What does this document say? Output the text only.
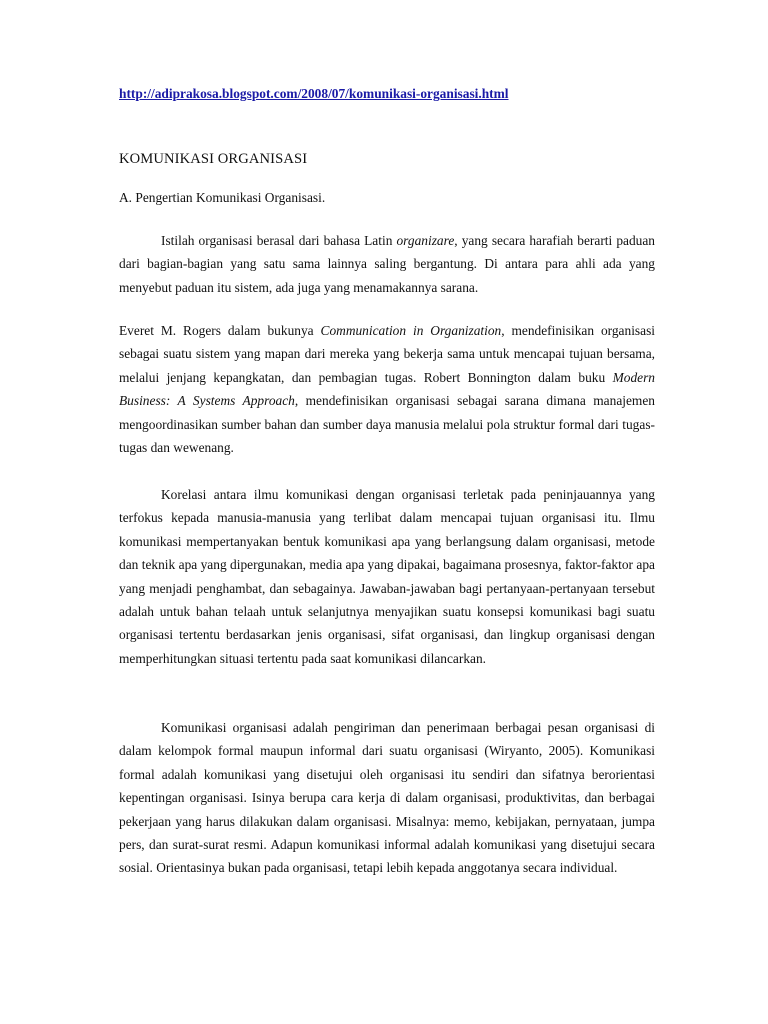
http://adiprakosa.blogspot.com/2008/07/komunikasi-organisasi.html
KOMUNIKASI ORGANISASI
A. Pengertian Komunikasi Organisasi.

Istilah organisasi berasal dari bahasa Latin organizare, yang secara harafiah berarti paduan dari bagian-bagian yang satu sama lainnya saling bergantung. Di antara para ahli ada yang menyebut paduan itu sistem, ada juga yang menamakannya sarana.

Everet M. Rogers dalam bukunya Communication in Organization, mendefinisikan organisasi sebagai suatu sistem yang mapan dari mereka yang bekerja sama untuk mencapai tujuan bersama, melalui jenjang kepangkatan, dan pembagian tugas. Robert Bonnington dalam buku Modern Business: A Systems Approach, mendefinisikan organisasi sebagai sarana dimana manajemen mengoordinasikan sumber bahan dan sumber daya manusia melalui pola struktur formal dari tugas-tugas dan wewenang.

Korelasi antara ilmu komunikasi dengan organisasi terletak pada peninjauannya yang terfokus kepada manusia-manusia yang terlibat dalam mencapai tujuan organisasi itu. Ilmu komunikasi mempertanyakan bentuk komunikasi apa yang berlangsung dalam organisasi, metode dan teknik apa yang dipergunakan, media apa yang dipakai, bagaimana prosesnya, faktor-faktor apa yang menjadi penghambat, dan sebagainya. Jawaban-jawaban bagi pertanyaan-pertanyaan tersebut adalah untuk bahan telaah untuk selanjutnya menyajikan suatu konsepsi komunikasi bagi suatu organisasi tertentu berdasarkan jenis organisasi, sifat organisasi, dan lingkup organisasi dengan memperhitungkan situasi tertentu pada saat komunikasi dilancarkan.

Komunikasi organisasi adalah pengiriman dan penerimaan berbagai pesan organisasi di dalam kelompok formal maupun informal dari suatu organisasi (Wiryanto, 2005). Komunikasi formal adalah komunikasi yang disetujui oleh organisasi itu sendiri dan sifatnya berorientasi kepentingan organisasi. Isinya berupa cara kerja di dalam organisasi, produktivitas, dan berbagai pekerjaan yang harus dilakukan dalam organisasi. Misalnya: memo, kebijakan, pernyataan, jumpa pers, dan surat-surat resmi. Adapun komunikasi informal adalah komunikasi yang disetujui secara sosial. Orientasinya bukan pada organisasi, tetapi lebih kepada anggotanya secara individual.
